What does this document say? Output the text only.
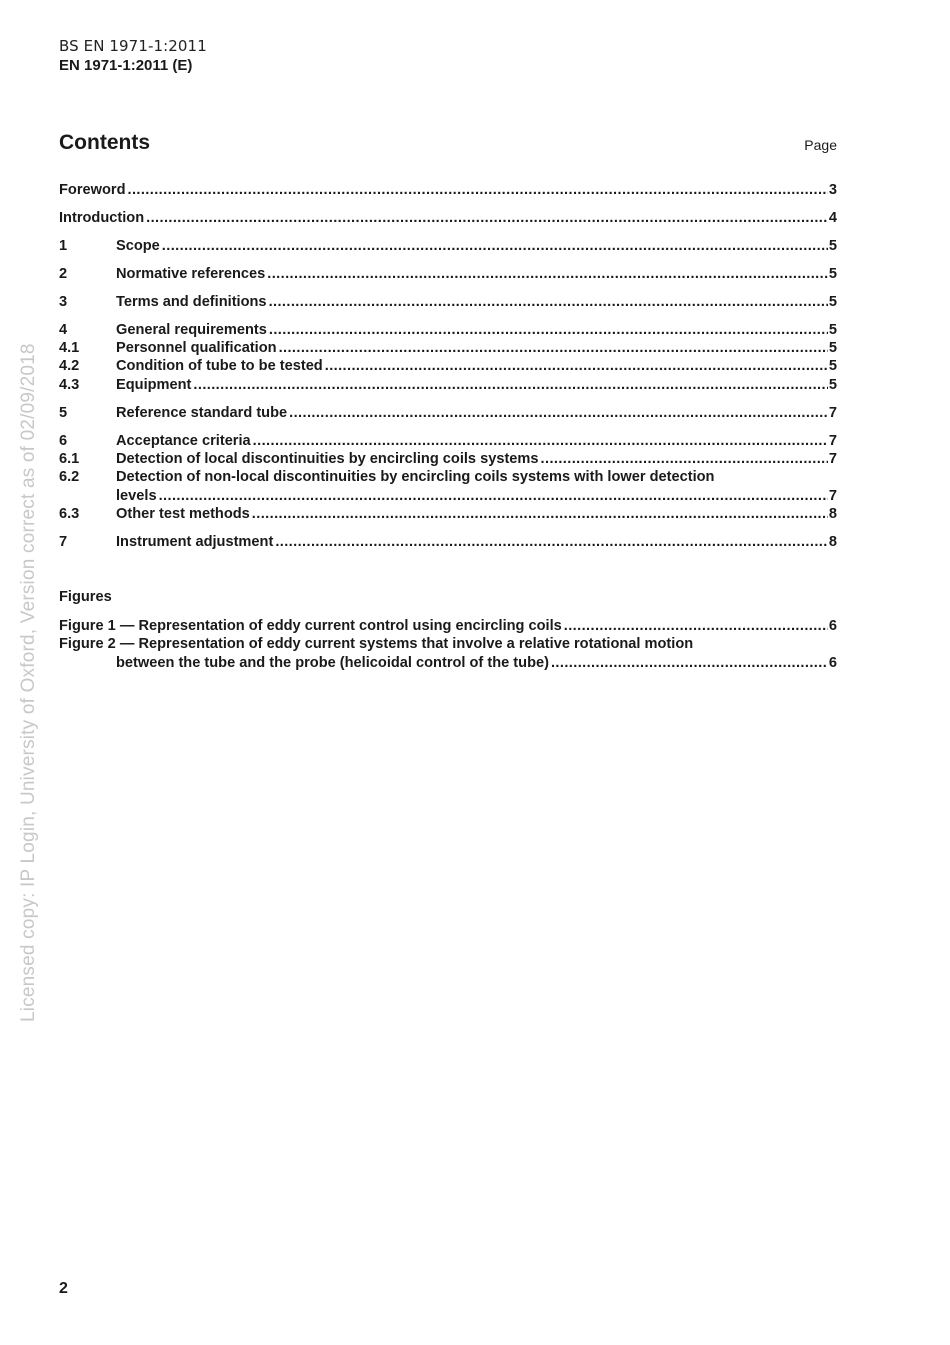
BS EN 1971-1:2011
EN 1971-1:2011 (E)
Contents	Page
Foreword .....	3
Introduction .....	4
1	Scope .....	5
2	Normative references .....	5
3	Terms and definitions .....	5
4	General requirements .....	5
4.1	Personnel qualification .....	5
4.2	Condition of tube to be tested .....	5
4.3	Equipment .....	5
5	Reference standard tube .....	7
6	Acceptance criteria .....	7
6.1	Detection of local discontinuities by encircling coils systems .....	7
6.2	Detection of non-local discontinuities by encircling coils systems with lower detection
levels .....	7
6.3	Other test methods .....	8
7	Instrument adjustment .....	8
Figures
Figure 1 — Representation of eddy current control using encircling coils .....	6
Figure 2 — Representation of eddy current systems that involve a relative rotational motion
between the tube and the probe (helicoidal control of the tube) .....	6
2
Licensed copy: IP Login, University of Oxford, Version correct as of 02/09/2018
